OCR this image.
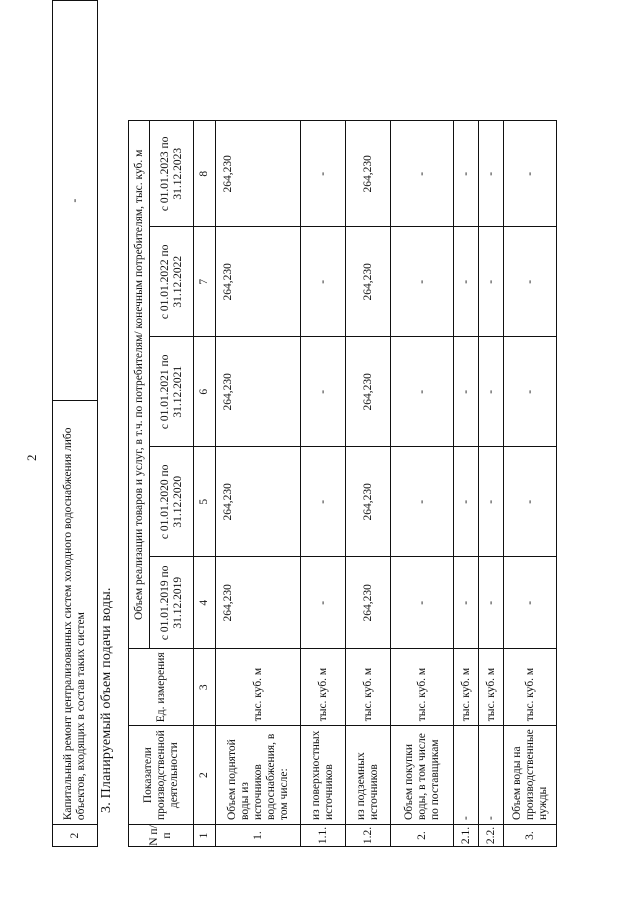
2
2	Капитальный ремонт централизованных систем холодного водоснабжения либо объектов, входящих в состав таких систем	-
3. Планируемый объем подачи воды.
N п/п	Показатели производственной деятельности	Ед. измерения	Объем реализации товаров и услуг, в т.ч. по потребителям/ конечным потребителям, тыс. куб. м				
			с 01.01.2019 по 31.12.2019	с 01.01.2020 по 31.12.2020	с 01.01.2021 по 31.12.2021	с 01.01.2022 по 31.12.2022	с 01.01.2023 по 31.12.2023
1	2	3	4	5	6	7	8
1.	Объем поднятой воды из источников водоснабжения, в том числе:	тыс. куб. м	264,230	264,230	264,230	264,230	264,230
1.1.	из поверхностных источников	тыс. куб. м	-	-	-	-	-
1.2.	из подземных источников	тыс. куб. м	264,230	264,230	264,230	264,230	264,230
2.	Объем покупки воды, в том числе по поставщикам	тыс. куб. м	-	-	-	-	-
2.1.	-	тыс. куб. м	-	-	-	-	-
2.2.	-	тыс. куб. м	-	-	-	-	-
3.	Объем воды на производственные нужды	тыс. куб. м	-	-	-	-	-
